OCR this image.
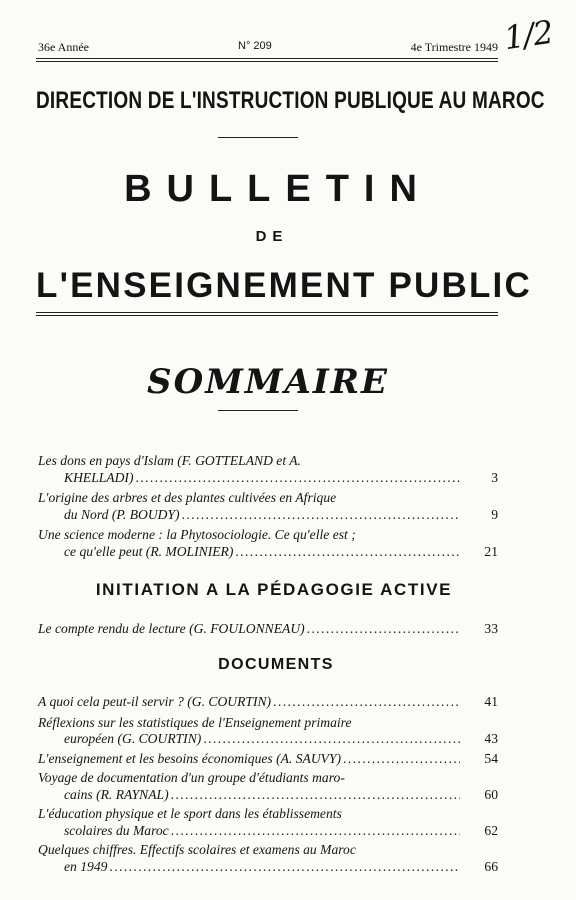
36e Année	N° 209	4e Trimestre 1949 1/2
DIRECTION DE L'INSTRUCTION PUBLIQUE AU MAROC
BULLETIN
DE
L'ENSEIGNEMENT PUBLIC
SOMMAIRE
Les dons en pays d'Islam (F. GOTTELAND et A.
KHELLADI) . . .	3
L'origine des arbres et des plantes cultivées en Afrique
du Nord (P. BOUDY) . . .	9
Une science moderne : la Phytosociologie. Ce qu'elle est ;
ce qu'elle peut (R. MOLINIER) . . .	21
INITIATION A LA PÉDAGOGIE ACTIVE
Le compte rendu de lecture (G. FOULONNEAU) . . .	33
DOCUMENTS
A quoi cela peut-il servir ? (G. COURTIN) . . .	41
Réflexions sur les statistiques de l'Enseignement primaire
européen (G. COURTIN) . . .	43
L'enseignement et les besoins économiques (A. SAUVY) . . .	54
Voyage de documentation d'un groupe d'étudiants maro-
cains (R. RAYNAL) . . .	60
L'éducation physique et le sport dans les établissements
scolaires du Maroc . . .	62
Quelques chiffres. Effectifs scolaires et examens au Maroc
en 1949 . . .	66
